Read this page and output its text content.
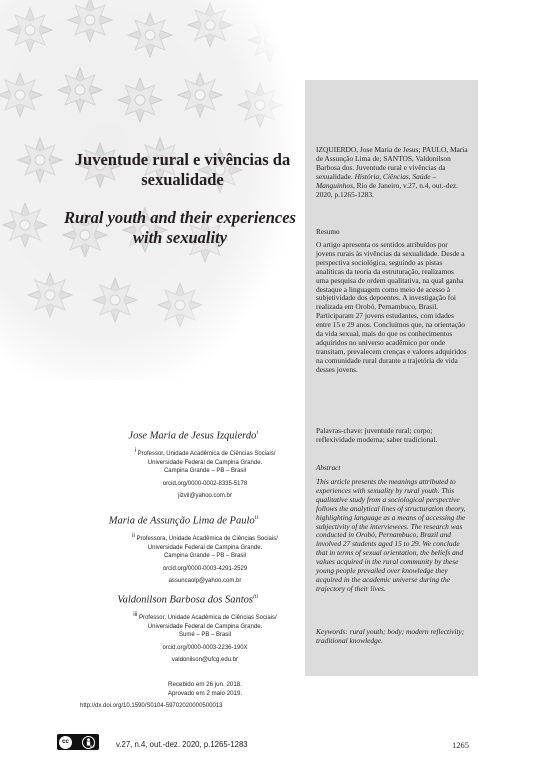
Juventude rural e vivências da sexualidade
Rural youth and their experiences with sexuality
Jose Maria de Jesus Izquierdo$^i$
i Professor, Unidade Acadêmica de Ciências Sociais/
Universidade Federal de Campina Grande.
Campina Grande – PB – Brasil
orcid.org/0000-0002-8335-5178
jizvil@yahoo.com.br
Maria de Assunção Lima de Paulo$^{ii}$
ii Professora, Unidade Acadêmica de Ciências Sociais/
Universidade Federal de Campina Grande.
Campina Grande – PB – Brasil
orcid.org/0000-0003-4291-2529
assuncaolp@yahoo.com.br
Valdonilson Barbosa dos Santos$^{iii}$
iii Professor, Unidade Acadêmica de Ciências Sociais/
Universidade Federal de Campina Grande.
Sumé – PB – Brasil
orcid.org/0000-0003-2236-190X
valdonilson@ufcg.edu.br
Recebido em 26 jun. 2018.
Aprovado em 2 maio 2019.
http://dx.doi.org/10.1590/S0104-59702020000500013

IZQUIERDO, Jose Maria de Jesus; PAULO, Maria de Assunção Lima de; SANTOS, Valdonilson Barbosa dos. Juventude rural e vivências da sexualidade. História, Ciências, Saúde – Manguinhos, Rio de Janeiro, v.27, n.4, out.-dez. 2020, p.1265-1283.

Resumo

O artigo apresenta os sentidos atribuídos por jovens rurais às vivências da sexualidade. Desde a perspectiva sociológica, seguindo as pistas analíticas da teoria da estruturação, realizamos uma pesquisa de ordem qualitativa, na qual ganha destaque a linguagem como meio de acesso à subjetividade dos depoentes. A investigação foi realizada em Orobó, Pernambuco, Brasil. Participaram 27 jovens estudantes, com idades entre 15 e 29 anos. Concluímos que, na orientação da vida sexual, mais do que os conhecimentos adquiridos no universo acadêmico por onde transitam, prevalecem crenças e valores adquiridos na comunidade rural durante a trajetória de vida desses jovens.

Palavras-chave: juventude rural; corpo; reflexividade moderna; saber tradicional.

Abstract

This article presents the meanings attributed to experiences with sexuality by rural youth. This qualitative study from a sociological perspective follows the analytical lines of structuration theory, highlighting language as a means of accessing the subjectivity of the interviewees. The research was conducted in Orobó, Pernambuco, Brazil and involved 27 students aged 15 to 29. We conclude that in terms of sexual orientation, the beliefs and values acquired in the rural community by these young people prevailed over knowledge they acquired in the academic universe during the trajectory of their lives.

Keywords: rural youth; body; modern reflectivity; traditional knowledge.

cc
BY	v.27, n.4, out.-dez. 2020, p.1265-1283	1265
